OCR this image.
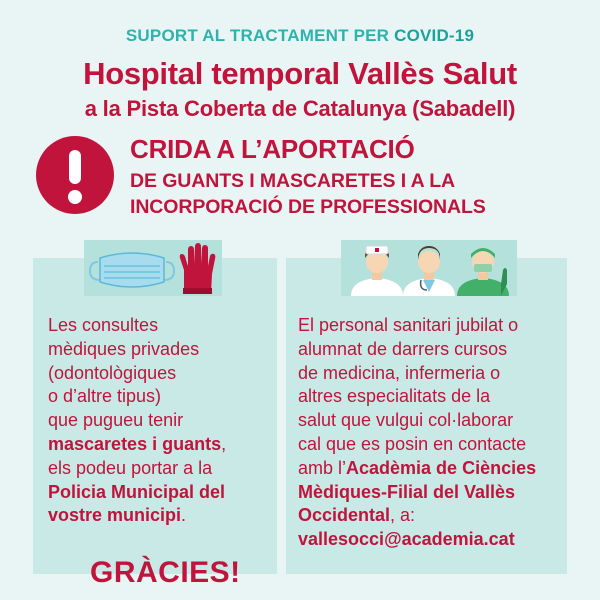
SUPORT AL TRACTAMENT PER COVID-19
Hospital temporal Vallès Salut
a la Pista Coberta de Catalunya (Sabadell)
CRIDA A L’APORTACIÓ
DE GUANTS I MASCARETES I A LA
INCORPORACIÓ DE PROFESSIONALS
Les consultes
mèdiques privades
(odontològiques
o d’altre tipus)
que pugueu tenir
mascaretes i guants,
els podeu portar a la
Policia Municipal del
vostre municipi.
El personal sanitari jubilat o
alumnat de darrers cursos
de medicina, infermeria o
altres especialitats de la
salut que vulgui col·laborar
cal que es posin en contacte
amb l’Acadèmia de Ciències
Mèdiques-Filial del Vallès
Occidental, a:
vallesocci@academia.cat
GRÀCIES!
